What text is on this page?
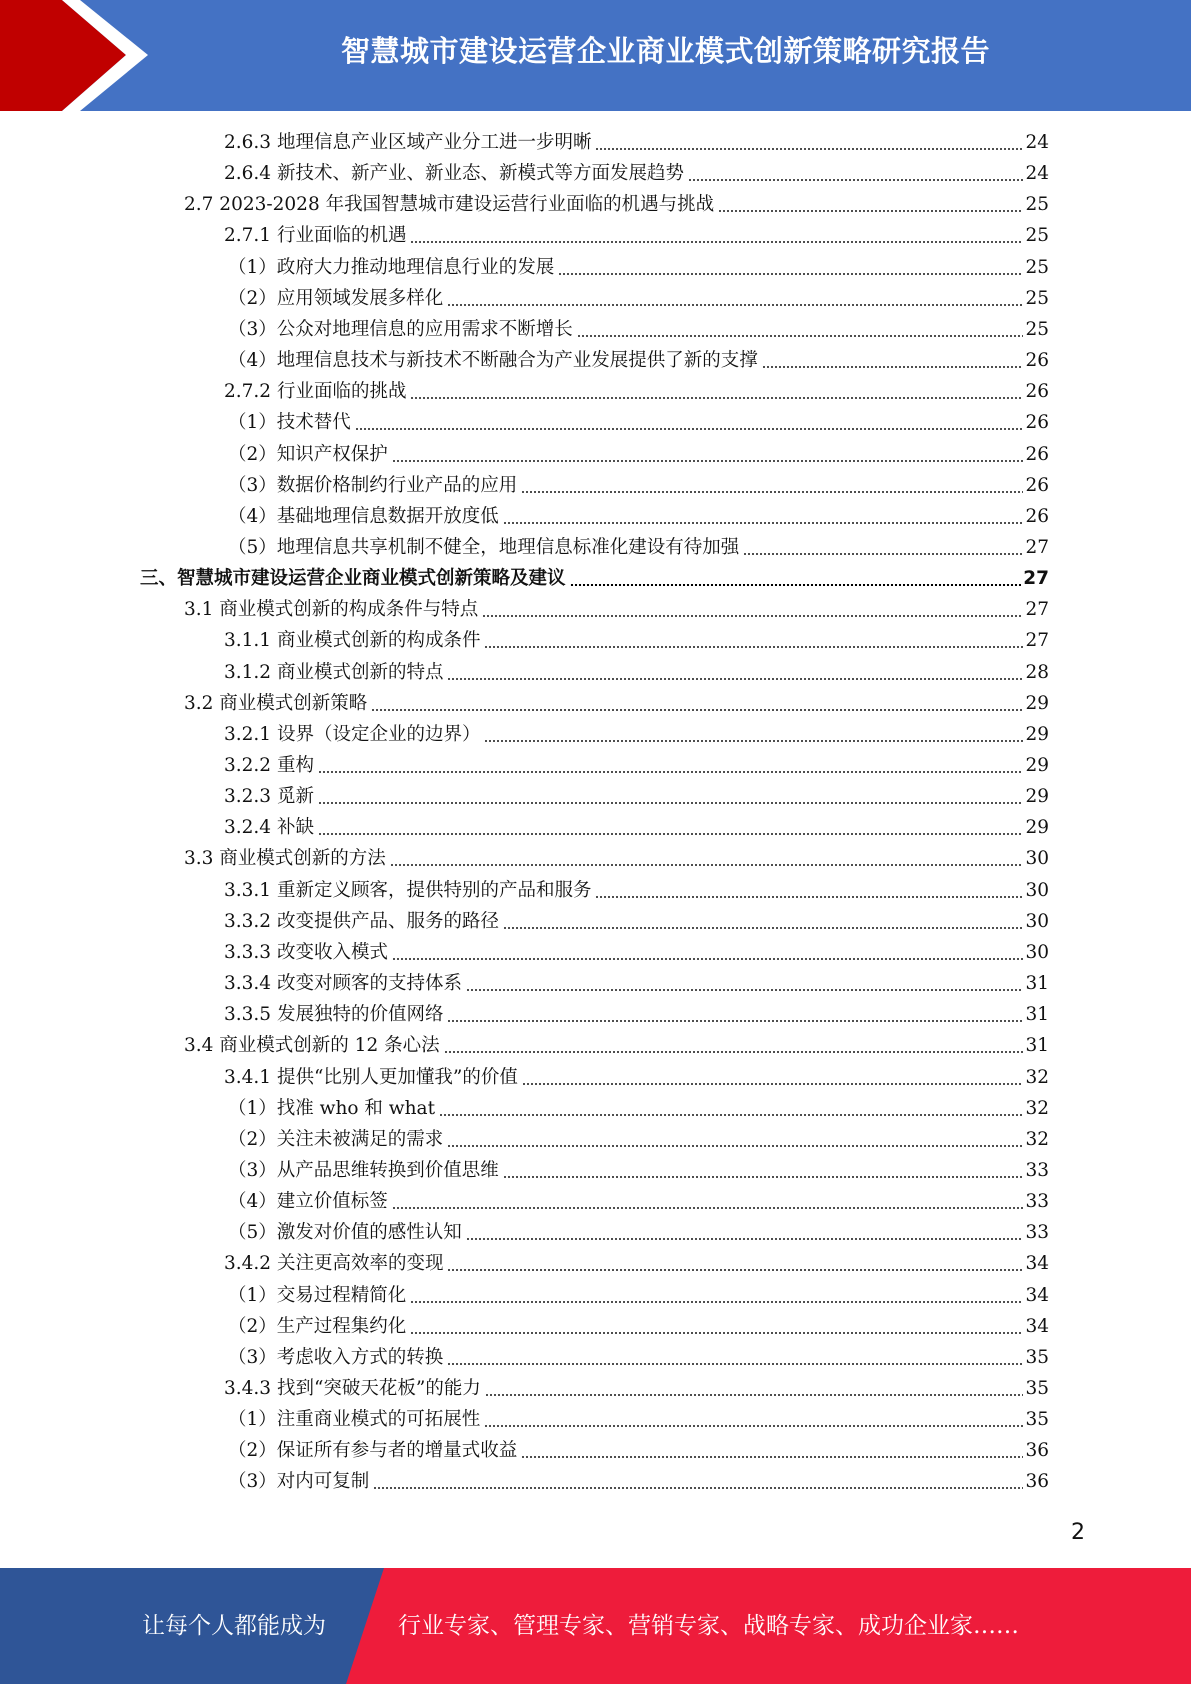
智慧城市建设运营企业商业模式创新策略研究报告
2.6.3 地理信息产业区域产业分工进一步明晰	24
2.6.4 新技术、新产业、新业态、新模式等方面发展趋势	24
2.7 2023-2028 年我国智慧城市建设运营行业面临的机遇与挑战	25
2.7.1 行业面临的机遇	25
（1）政府大力推动地理信息行业的发展	25
（2）应用领域发展多样化	25
（3）公众对地理信息的应用需求不断增长	25
（4）地理信息技术与新技术不断融合为产业发展提供了新的支撑	26
2.7.2 行业面临的挑战	26
（1）技术替代	26
（2）知识产权保护	26
（3）数据价格制约行业产品的应用	26
（4）基础地理信息数据开放度低	26
（5）地理信息共享机制不健全，地理信息标准化建设有待加强	27
三、智慧城市建设运营企业商业模式创新策略及建议	27
3.1 商业模式创新的构成条件与特点	27
3.1.1 商业模式创新的构成条件	27
3.1.2 商业模式创新的特点	28
3.2 商业模式创新策略	29
3.2.1 设界（设定企业的边界）	29
3.2.2 重构	29
3.2.3 觅新	29
3.2.4 补缺	29
3.3 商业模式创新的方法	30
3.3.1 重新定义顾客，提供特别的产品和服务	30
3.3.2 改变提供产品、服务的路径	30
3.3.3 改变收入模式	30
3.3.4 改变对顾客的支持体系	31
3.3.5 发展独特的价值网络	31
3.4 商业模式创新的 12 条心法	31
3.4.1 提供“比别人更加懂我”的价值	32
（1）找准 who 和 what	32
（2）关注未被满足的需求	32
（3）从产品思维转换到价值思维	33
（4）建立价值标签	33
（5）激发对价值的感性认知	33
3.4.2 关注更高效率的变现	34
（1）交易过程精简化	34
（2）生产过程集约化	34
（3）考虑收入方式的转换	35
3.4.3 找到“突破天花板”的能力	35
（1）注重商业模式的可拓展性	35
（2）保证所有参与者的增量式收益	36
（3）对内可复制	36
2
让每个人都能成为	行业专家、管理专家、营销专家、战略专家、成功企业家……
